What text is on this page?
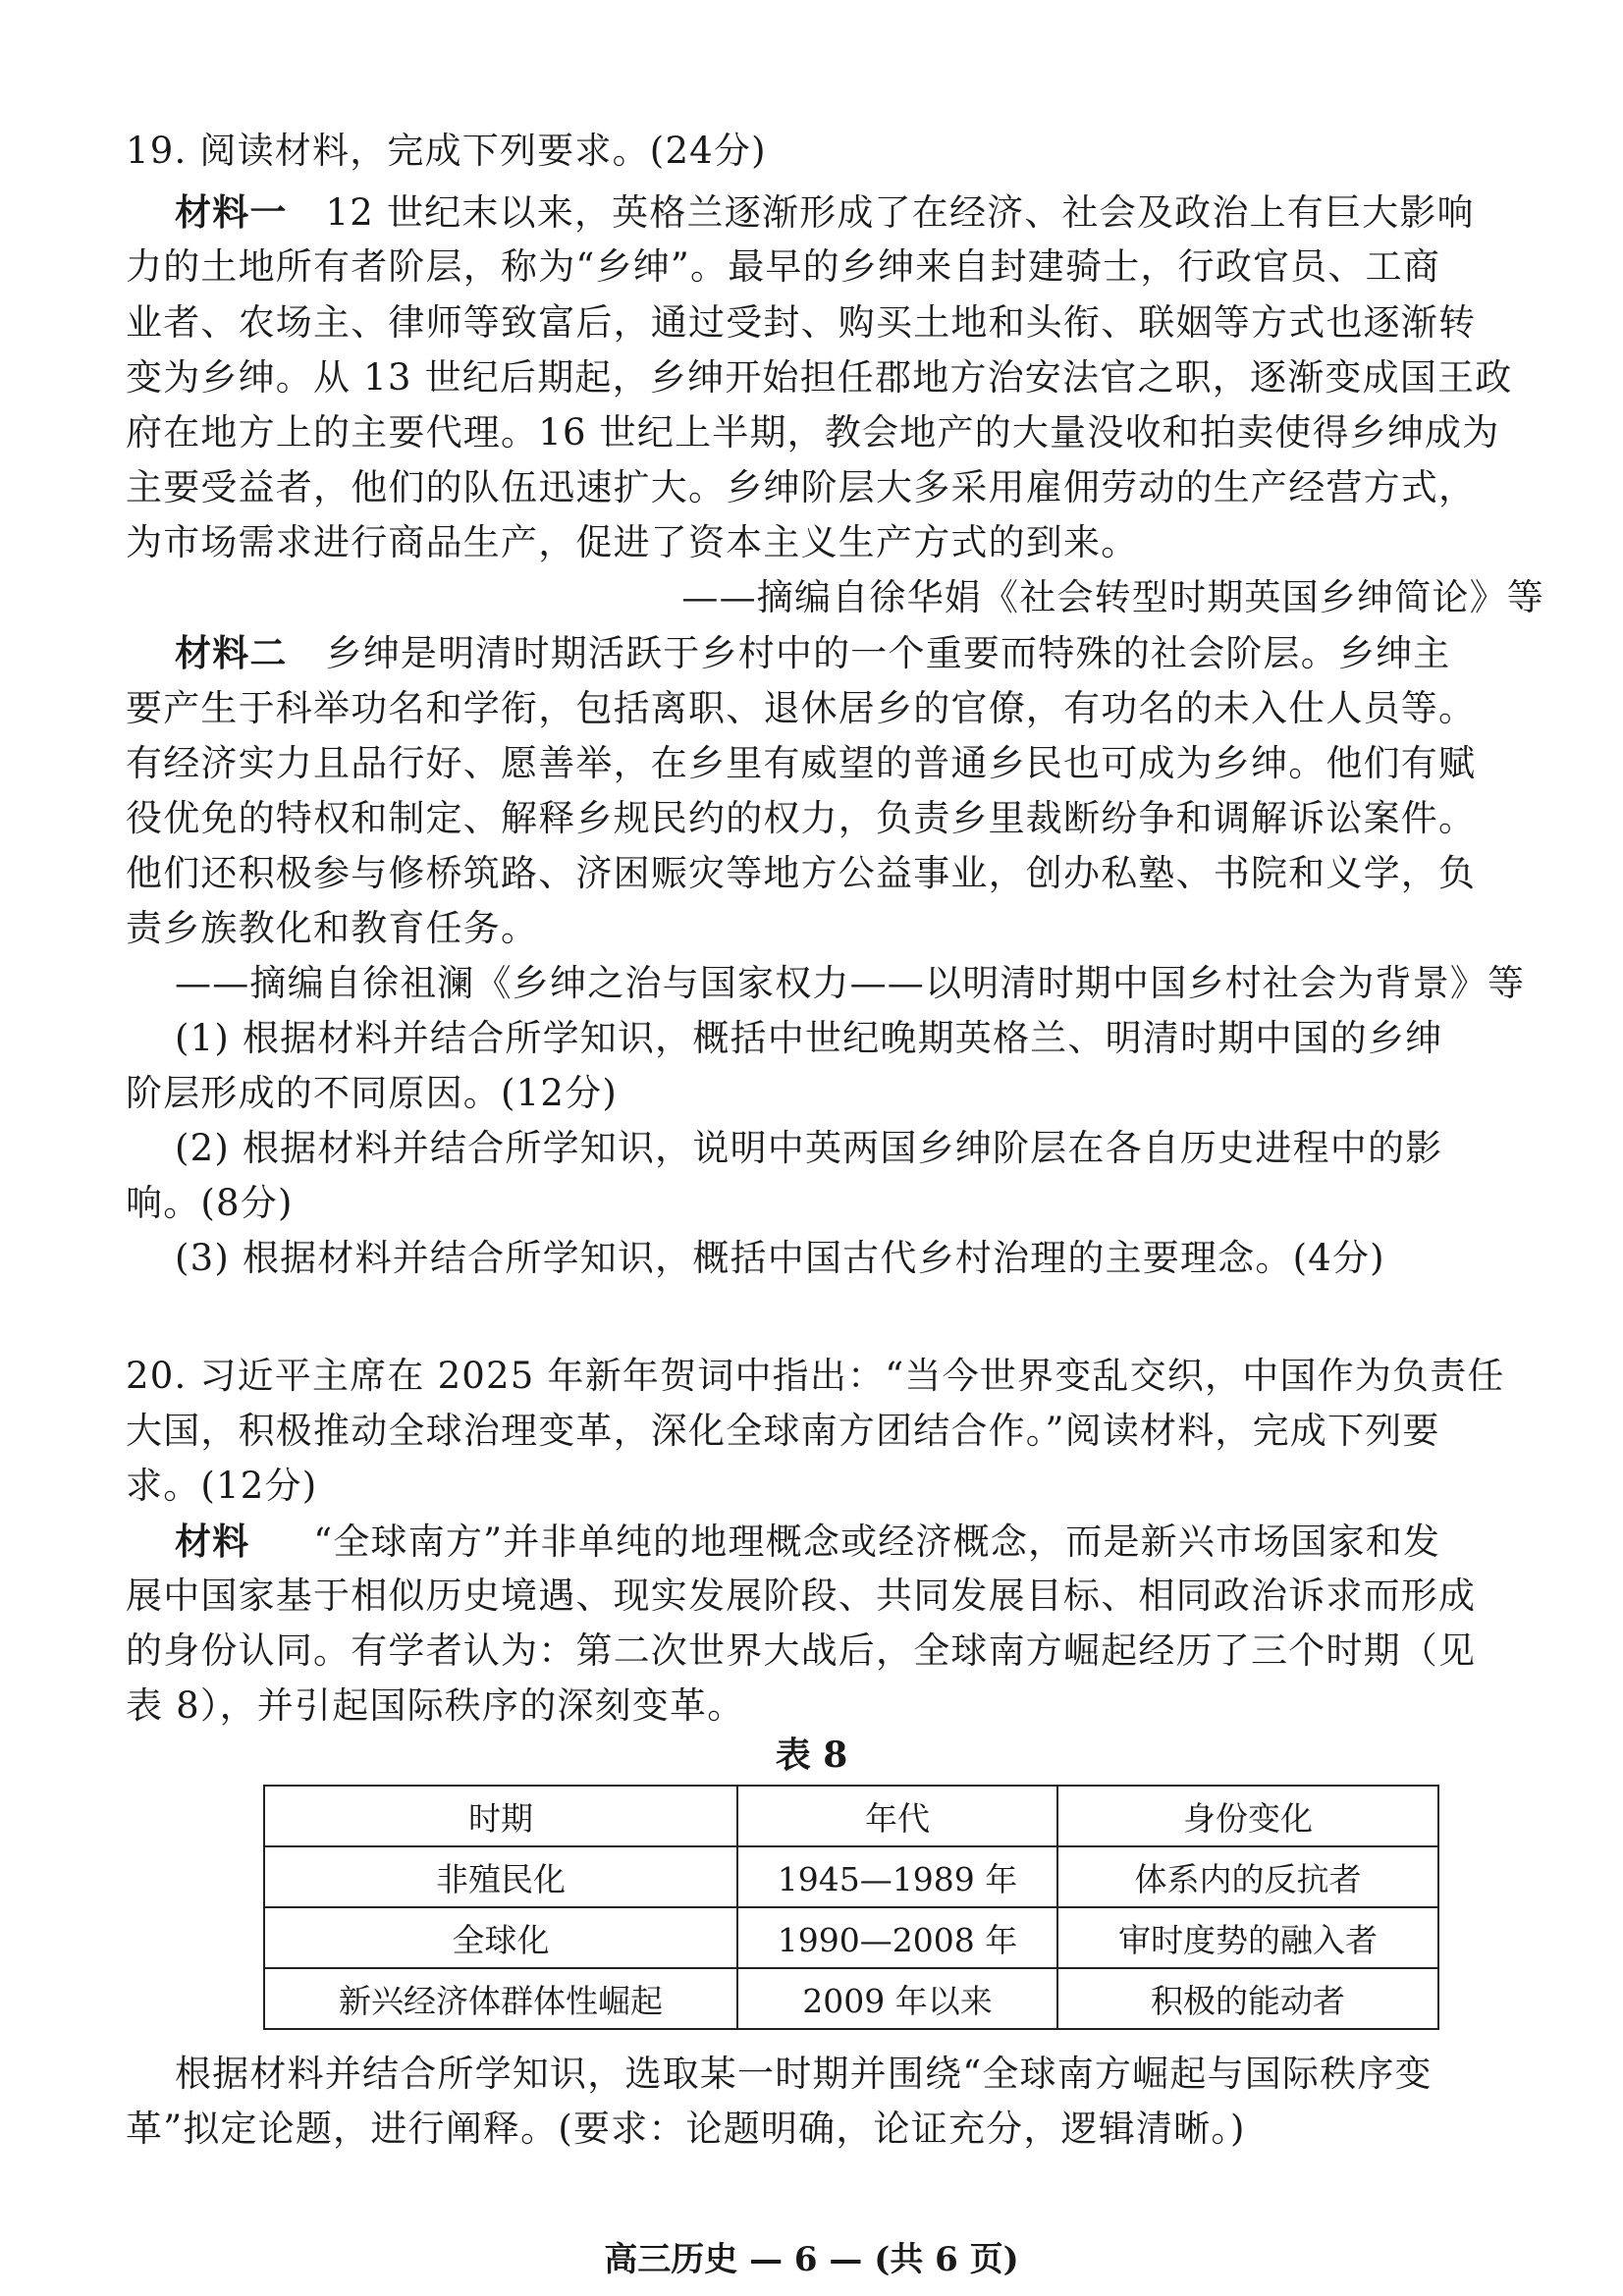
19. 阅读材料，完成下列要求。(24分)
材料一 12 世纪末以来，英格兰逐渐形成了在经济、社会及政治上有巨大影响
力的土地所有者阶层，称为“乡绅”。最早的乡绅来自封建骑士，行政官员、工商
业者、农场主、律师等致富后，通过受封、购买土地和头衔、联姻等方式也逐渐转
变为乡绅。从 13 世纪后期起，乡绅开始担任郡地方治安法官之职，逐渐变成国王政
府在地方上的主要代理。16 世纪上半期，教会地产的大量没收和拍卖使得乡绅成为
主要受益者，他们的队伍迅速扩大。乡绅阶层大多采用雇佣劳动的生产经营方式，
为市场需求进行商品生产，促进了资本主义生产方式的到来。
——摘编自徐华娟《社会转型时期英国乡绅简论》等
材料二 乡绅是明清时期活跃于乡村中的一个重要而特殊的社会阶层。乡绅主
要产生于科举功名和学衔，包括离职、退休居乡的官僚，有功名的未入仕人员等。
有经济实力且品行好、愿善举，在乡里有威望的普通乡民也可成为乡绅。他们有赋
役优免的特权和制定、解释乡规民约的权力，负责乡里裁断纷争和调解诉讼案件。
他们还积极参与修桥筑路、济困赈灾等地方公益事业，创办私塾、书院和义学，负
责乡族教化和教育任务。
——摘编自徐祖澜《乡绅之治与国家权力——以明清时期中国乡村社会为背景》等
(1) 根据材料并结合所学知识，概括中世纪晚期英格兰、明清时期中国的乡绅
阶层形成的不同原因。(12分)
(2) 根据材料并结合所学知识，说明中英两国乡绅阶层在各自历史进程中的影
响。(8分)
(3) 根据材料并结合所学知识，概括中国古代乡村治理的主要理念。(4分)
20. 习近平主席在 2025 年新年贺词中指出：“当今世界变乱交织，中国作为负责任
大国，积极推动全球治理变革，深化全球南方团结合作。”阅读材料，完成下列要
求。(12分)
材料 “全球南方”并非单纯的地理概念或经济概念，而是新兴市场国家和发
展中国家基于相似历史境遇、现实发展阶段、共同发展目标、相同政治诉求而形成
的身份认同。有学者认为：第二次世界大战后，全球南方崛起经历了三个时期（见
表 8），并引起国际秩序的深刻变革。
表 8
时期	年代	身份变化
非殖民化	1945—1989 年	体系内的反抗者
全球化	1990—2008 年	审时度势的融入者
新兴经济体群体性崛起	2009 年以来	积极的能动者
根据材料并结合所学知识，选取某一时期并围绕“全球南方崛起与国际秩序变
革”拟定论题，进行阐释。(要求：论题明确，论证充分，逻辑清晰。)
高三历史 — 6 — (共 6 页)
